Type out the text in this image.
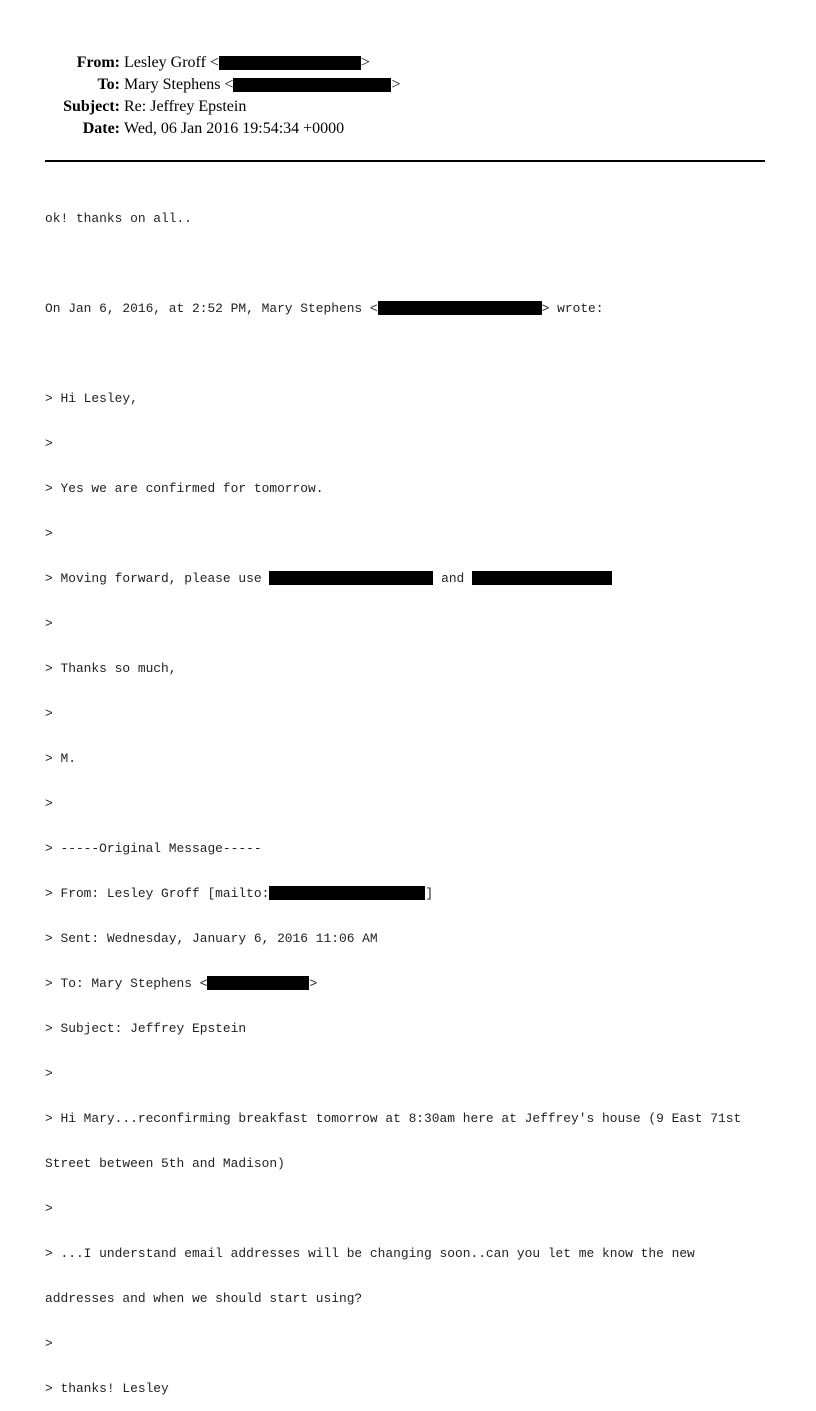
From: Lesley Groff <	>
To: Mary Stephens <	>
Subject: Re: Jeffrey Epstein
Date: Wed, 06 Jan 2016 19:54:34 +0000

ok! thanks on all..

On Jan 6, 2016, at 2:52 PM, Mary Stephens <	> wrote:

> Hi Lesley,

>

> Yes we are confirmed for tomorrow.

>

> Moving forward, please use	and

>

> Thanks so much,

>

> M.

>

> -----Original Message-----

> From: Lesley Groff [mailto:	]

> Sent: Wednesday, January 6, 2016 11:06 AM

> To: Mary Stephens <	>

> Subject: Jeffrey Epstein

>

> Hi Mary...reconfirming breakfast tomorrow at 8:30am here at Jeffrey's house (9 East 71st

Street between 5th and Madison)

>

> ...I understand email addresses will be changing soon..can you let me know the new

addresses and when we should start using?

>

> thanks! Lesley
